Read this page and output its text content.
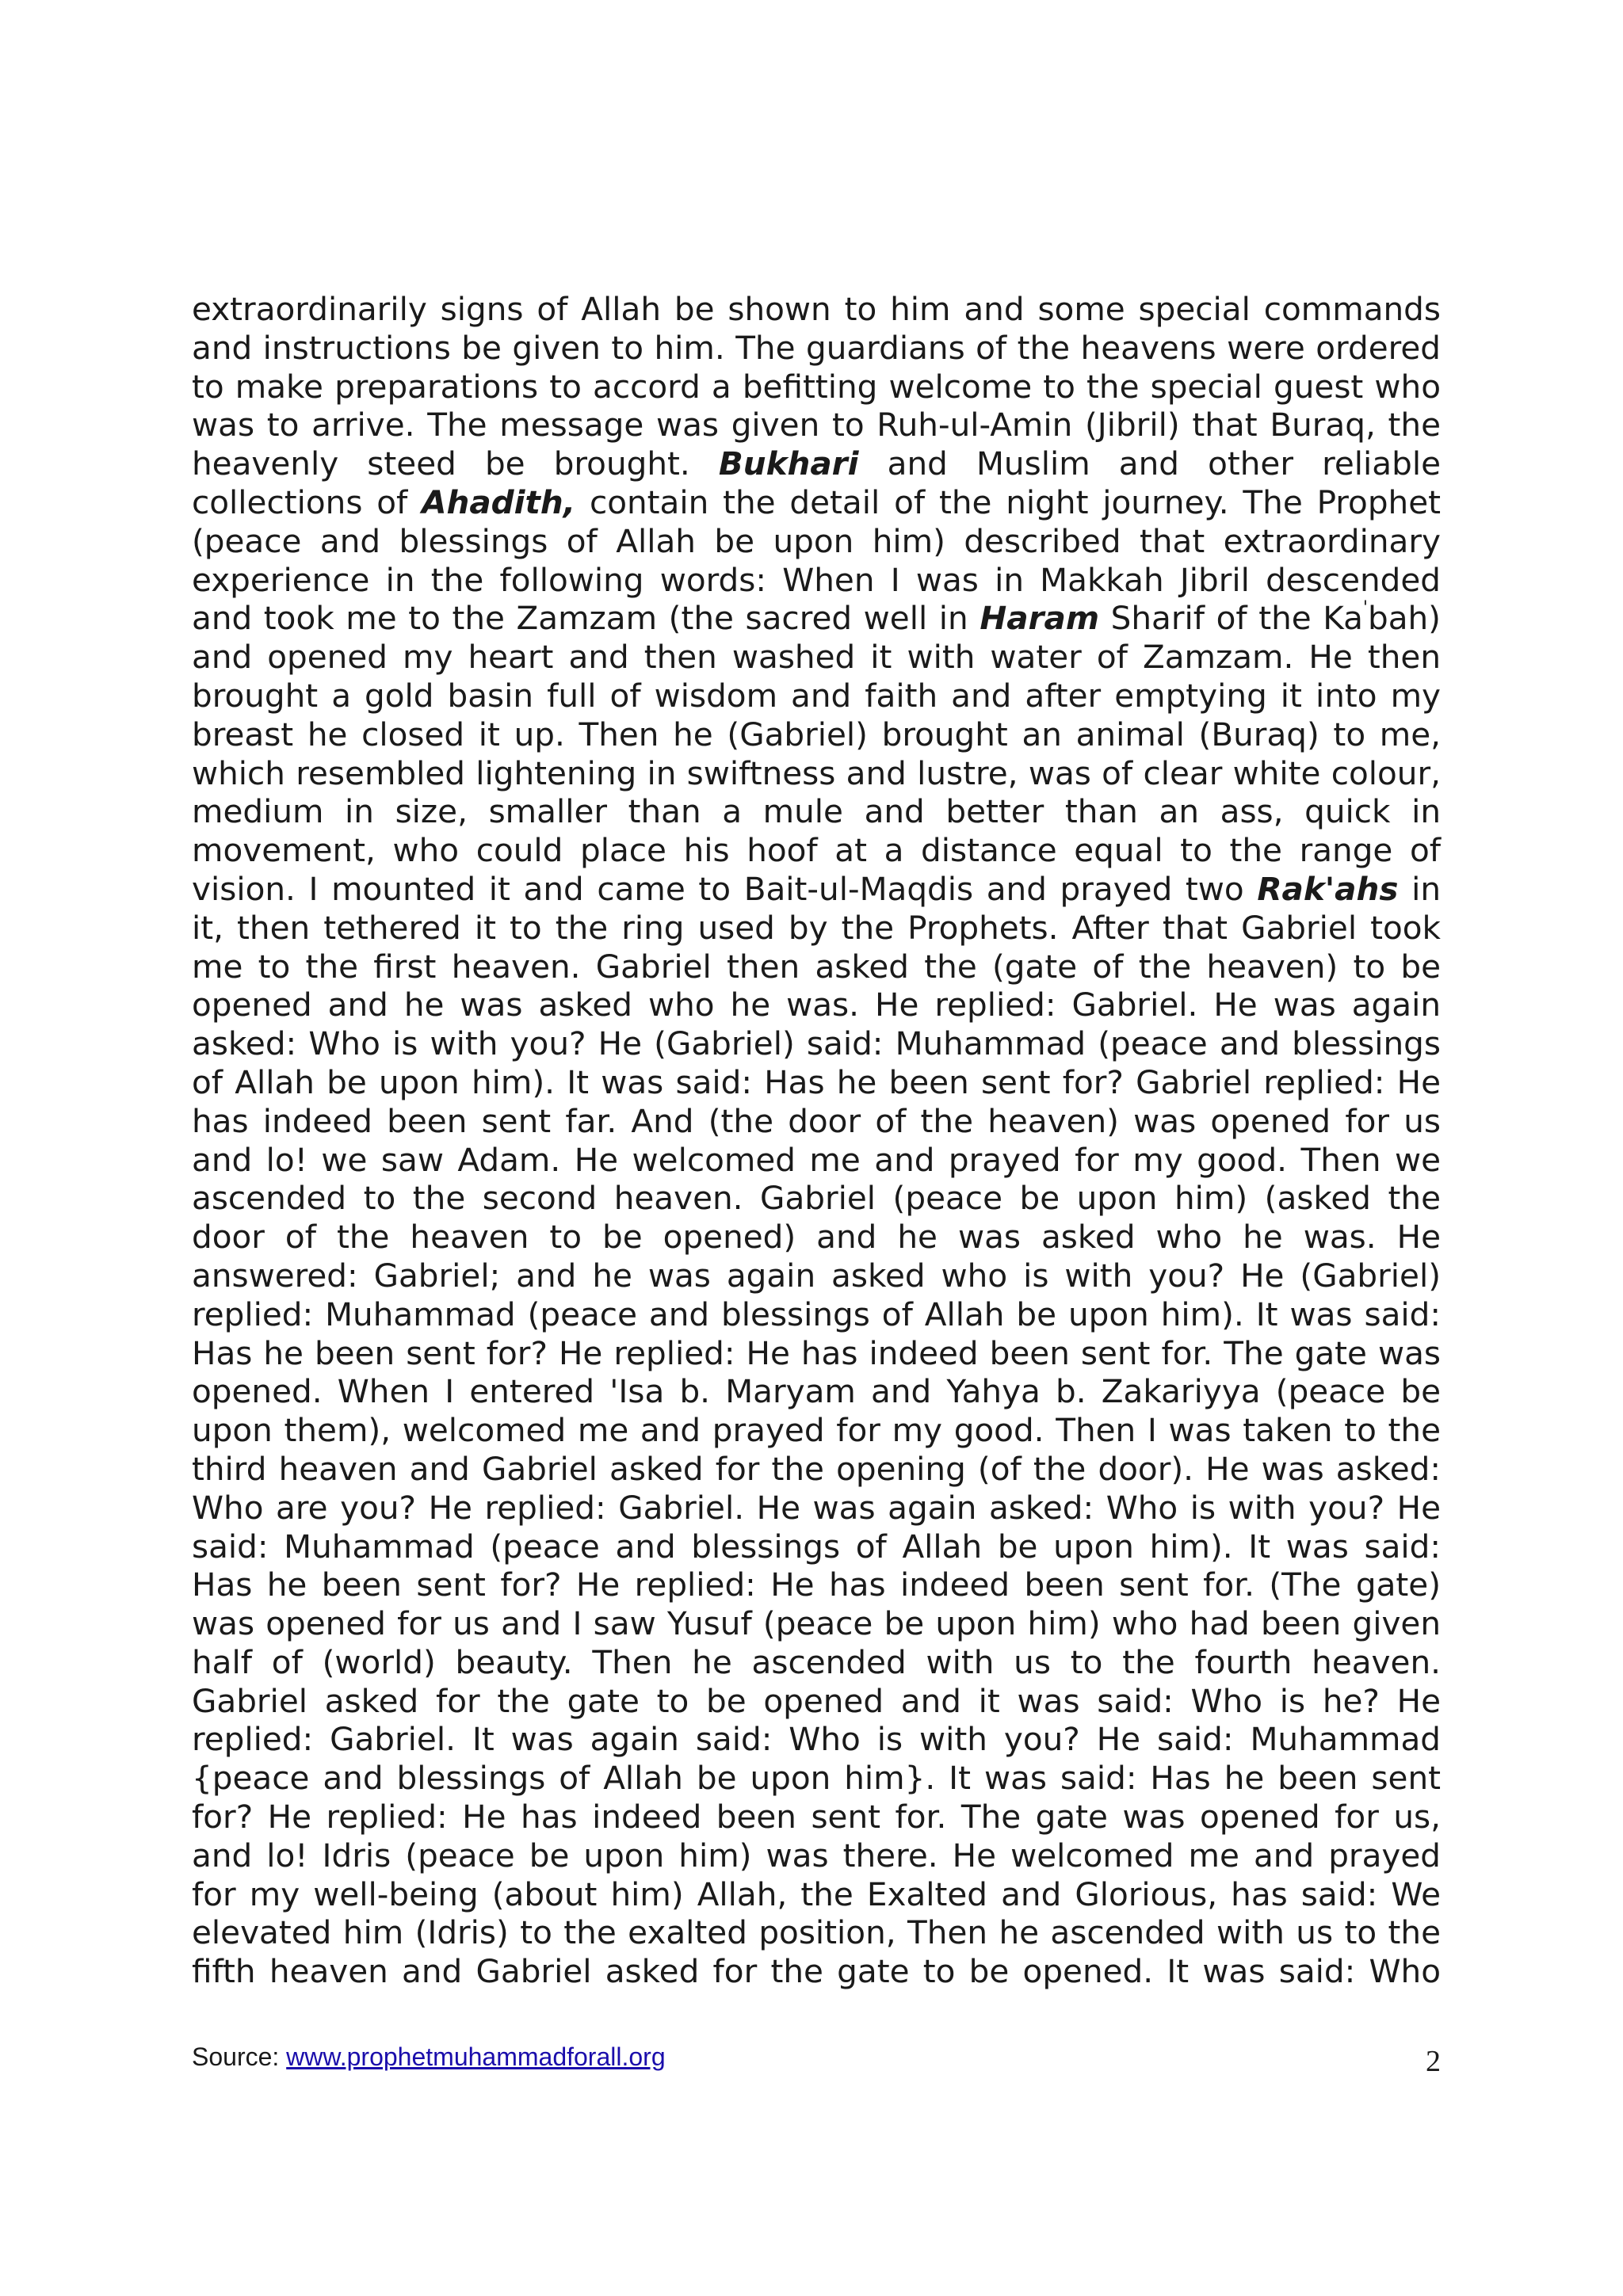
extraordinarily signs of Allah be shown to him and some special commands and instructions be given to him. The guardians of the heavens were ordered to make preparations to accord a befitting welcome to the special guest who was to arrive. The message was given to Ruh-ul-Amin (Jibril) that Buraq, the heavenly steed be brought. Bukhari and Muslim and other reliable collections of Ahadith, contain the detail of the night journey. The Prophet (peace and blessings of Allah be upon him) described that extraordinary experience in the following words: When I was in Makkah Jibril descended and took me to the Zamzam (the sacred well in Haram Sharif of the Ka'bah) and opened my heart and then washed it with water of Zamzam. He then brought a gold basin full of wisdom and faith and after emptying it into my breast he closed it up. Then he (Gabriel) brought an animal (Buraq) to me, which resembled lightening in swiftness and lustre, was of clear white colour, medium in size, smaller than a mule and better than an ass, quick in movement, who could place his hoof at a distance equal to the range of vision. I mounted it and came to Bait-ul-Maqdis and prayed two Rak'ahs in it, then tethered it to the ring used by the Prophets. After that Gabriel took me to the first heaven. Gabriel then asked the (gate of the heaven) to be opened and he was asked who he was. He replied: Gabriel. He was again asked: Who is with you? He (Gabriel) said: Muhammad (peace and blessings of Allah be upon him). It was said: Has he been sent for? Gabriel replied: He has indeed been sent far. And (the door of the heaven) was opened for us and lo! we saw Adam. He welcomed me and prayed for my good. Then we ascended to the second heaven. Gabriel (peace be upon him) (asked the door of the heaven to be opened) and he was asked who he was. He answered: Gabriel; and he was again asked who is with you? He (Gabriel) replied: Muhammad (peace and blessings of Allah be upon him). It was said: Has he been sent for? He replied: He has indeed been sent for. The gate was opened. When I entered 'Isa b. Maryam and Yahya b. Zakariyya (peace be upon them), welcomed me and prayed for my good. Then I was taken to the third heaven and Gabriel asked for the opening (of the door). He was asked: Who are you? He replied: Gabriel. He was again asked: Who is with you? He said: Muhammad (peace and blessings of Allah be upon him). It was said: Has he been sent for? He replied: He has indeed been sent for. (The gate) was opened for us and I saw Yusuf (peace be upon him) who had been given half of (world) beauty. Then he ascended with us to the fourth heaven. Gabriel asked for the gate to be opened and it was said: Who is he? He replied: Gabriel. It was again said: Who is with you? He said: Muhammad {peace and blessings of Allah be upon him}. It was said: Has he been sent for? He replied: He has indeed been sent for. The gate was opened for us, and lo! Idris (peace be upon him) was there. He welcomed me and prayed for my well-being (about him) Allah, the Exalted and Glorious, has said: We elevated him (Idris) to the exalted position, Then he ascended with us to the fifth heaven and Gabriel asked for the gate to be opened. It was said: Who

Source: www.prophetmuhammadforall.org	2
